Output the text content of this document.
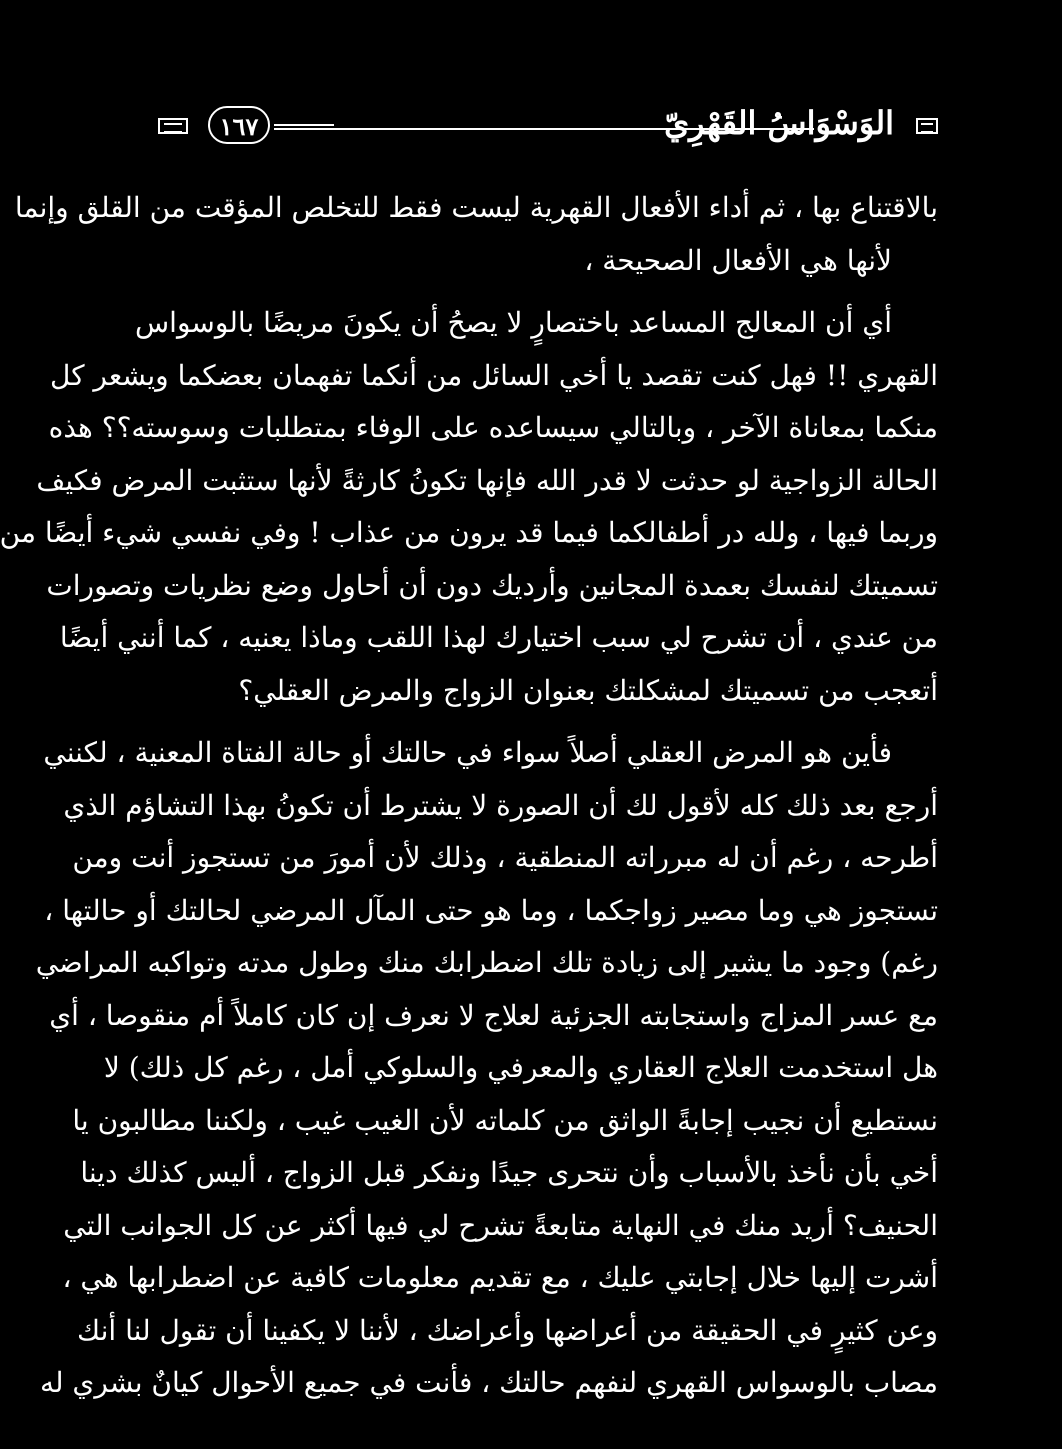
١٦٧	الوَسْوَاسُ القَهْرِيّ
بالاقتناع بها ، ثم أداء الأفعال القهرية ليست فقط للتخلص المؤقت من القلق وإنما
لأنها هي الأفعال الصحيحة ،
أي أن المعالج المساعد باختصارٍ لا يصحُ أن يكونَ مريضًا بالوسواس
القهري !! فهل كنت تقصد يا أخي السائل من أنكما تفهمان بعضكما ويشعر كل
منكما بمعاناة الآخر ، وبالتالي سيساعده على الوفاء بمتطلبات وسوسته؟؟ هذه
الحالة الزواجية لو حدثت لا قدر الله فإنها تكونُ كارثةً لأنها ستثبت المرض فكيف
وربما فيها ، ولله در أطفالكما فيما قد يرون من عذاب ! وفي نفسي شيء أيضًا من
تسميتك لنفسك بعمدة المجانين وأرديك دون أن أحاول وضع نظريات وتصورات
من عندي ، أن تشرح لي سبب اختيارك لهذا اللقب وماذا يعنيه ، كما أنني أيضًا
أتعجب من تسميتك لمشكلتك بعنوان الزواج والمرض العقلي؟
فأين هو المرض العقلي أصلاً سواء في حالتك أو حالة الفتاة المعنية ، لكنني
أرجع بعد ذلك كله لأقول لك أن الصورة لا يشترط أن تكونُ بهذا التشاؤم الذي
أطرحه ، رغم أن له مبرراته المنطقية ، وذلك لأن أمورَ من تستجوز أنت ومن
تستجوز هي وما مصير زواجكما ، وما هو حتى المآل المرضي لحالتك أو حالتها ،
رغم) وجود ما يشير إلى زيادة تلك اضطرابك منك وطول مدته وتواكبه المراضي
مع عسر المزاج واستجابته الجزئية لعلاج لا نعرف إن كان كاملاً أم منقوصا ، أي
هل استخدمت العلاج العقاري والمعرفي والسلوكي أمل ، رغم كل ذلك) لا
نستطيع أن نجيب إجابةً الواثق من كلماته لأن الغيب غيب ، ولكننا مطالبون يا
أخي بأن نأخذ بالأسباب وأن نتحرى جيدًا ونفكر قبل الزواج ، أليس كذلك دينا
الحنيف؟ أريد منك في النهاية متابعةً تشرح لي فيها أكثر عن كل الجوانب التي
أشرت إليها خلال إجابتي عليك ، مع تقديم معلومات كافية عن اضطرابها هي ،
وعن كثيرٍ في الحقيقة من أعراضها وأعراضك ، لأننا لا يكفينا أن تقول لنا أنك
مصاب بالوسواس القهري لنفهم حالتك ، فأنت في جميع الأحوال كيانٌ بشري له
